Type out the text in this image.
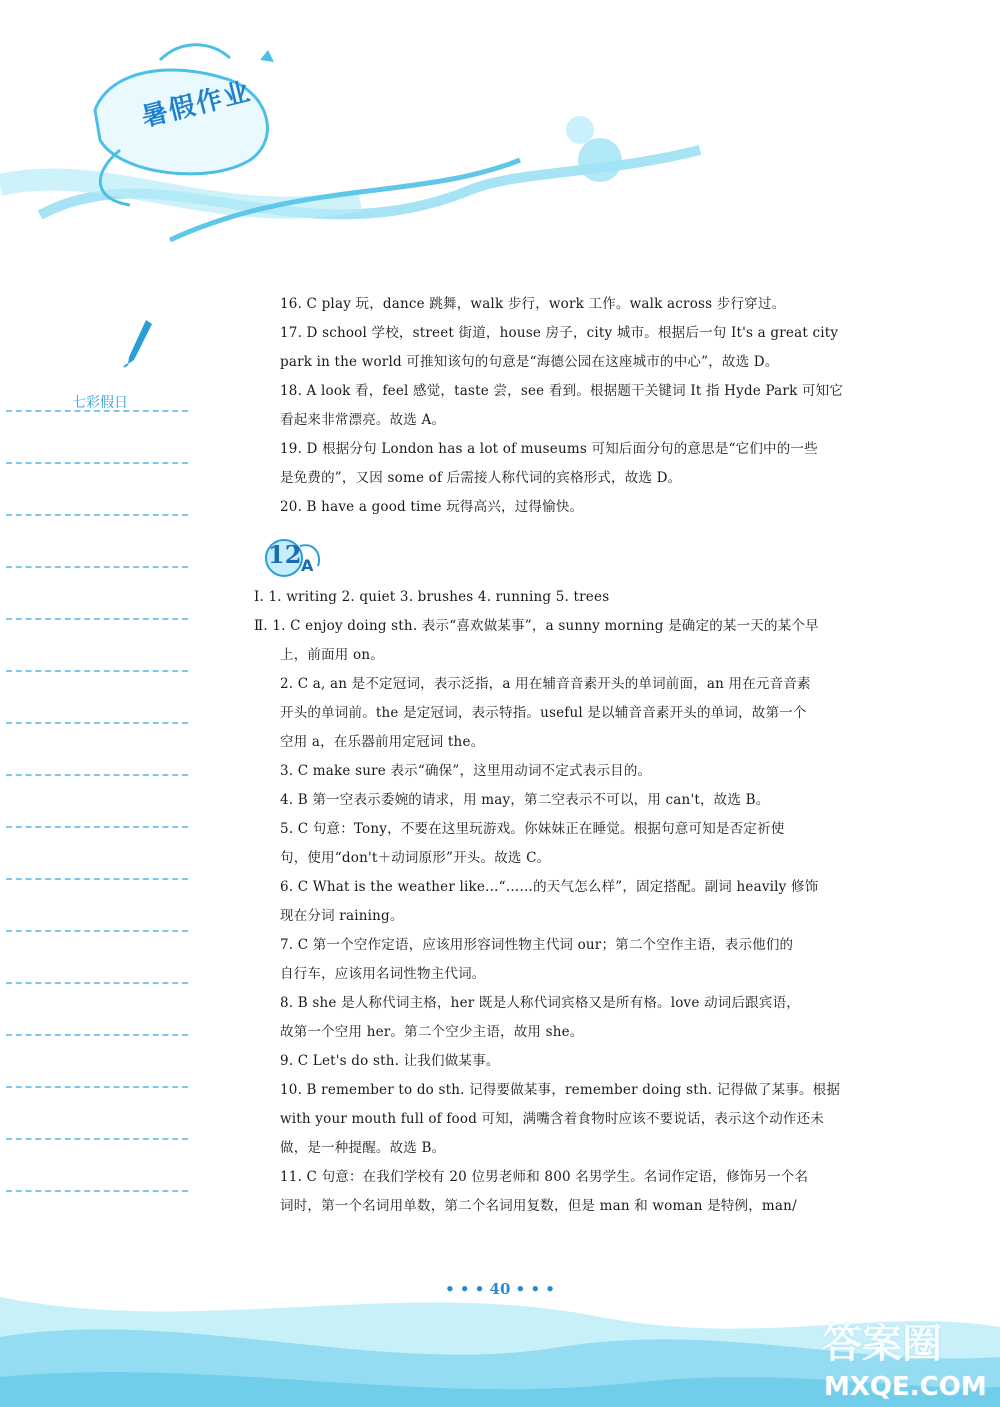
暑假作业
七彩假日
12 A
16. C play 玩，dance 跳舞，walk 步行，work 工作。walk across 步行穿过。
17. D school 学校，street 街道，house 房子，city 城市。根据后一句 It's a great city
park in the world 可推知该句的句意是“海德公园在这座城市的中心”，故选 D。
18. A look 看，feel 感觉，taste 尝，see 看到。根据题干关键词 It 指 Hyde Park 可知它
看起来非常漂亮。故选 A。
19. D 根据分句 London has a lot of museums 可知后面分句的意思是“它们中的一些
是免费的”，又因 some of 后需接人称代词的宾格形式，故选 D。
20. B have a good time 玩得高兴，过得愉快。
Ⅰ. 1. writing 2. quiet 3. brushes 4. running 5. trees
Ⅱ. 1. C enjoy doing sth. 表示“喜欢做某事”，a sunny morning 是确定的某一天的某个早
上，前面用 on。
2. C a, an 是不定冠词，表示泛指，a 用在辅音音素开头的单词前面，an 用在元音音素
开头的单词前。the 是定冠词，表示特指。useful 是以辅音音素开头的单词，故第一个
空用 a，在乐器前用定冠词 the。
3. C make sure 表示“确保”，这里用动词不定式表示目的。
4. B 第一空表示委婉的请求，用 may，第二空表示不可以，用 can't，故选 B。
5. C 句意：Tony，不要在这里玩游戏。你妹妹正在睡觉。根据句意可知是否定祈使
句，使用“don't＋动词原形”开头。故选 C。
6. C What is the weather like...“……的天气怎么样”，固定搭配。副词 heavily 修饰
现在分词 raining。
7. C 第一个空作定语，应该用形容词性物主代词 our；第二个空作主语，表示他们的
自行车，应该用名词性物主代词。
8. B she 是人称代词主格，her 既是人称代词宾格又是所有格。love 动词后跟宾语，
故第一个空用 her。第二个空少主语，故用 she。
9. C Let's do sth. 让我们做某事。
10. B remember to do sth. 记得要做某事，remember doing sth. 记得做了某事。根据
with your mouth full of food 可知，满嘴含着食物时应该不要说话，表示这个动作还未
做，是一种提醒。故选 B。
11. C 句意：在我们学校有 20 位男老师和 800 名男学生。名词作定语，修饰另一个名
词时，第一个名词用单数，第二个名词用复数，但是 man 和 woman 是特例，man/
• • • 40 • • •
答案圈
MXQE.COM
